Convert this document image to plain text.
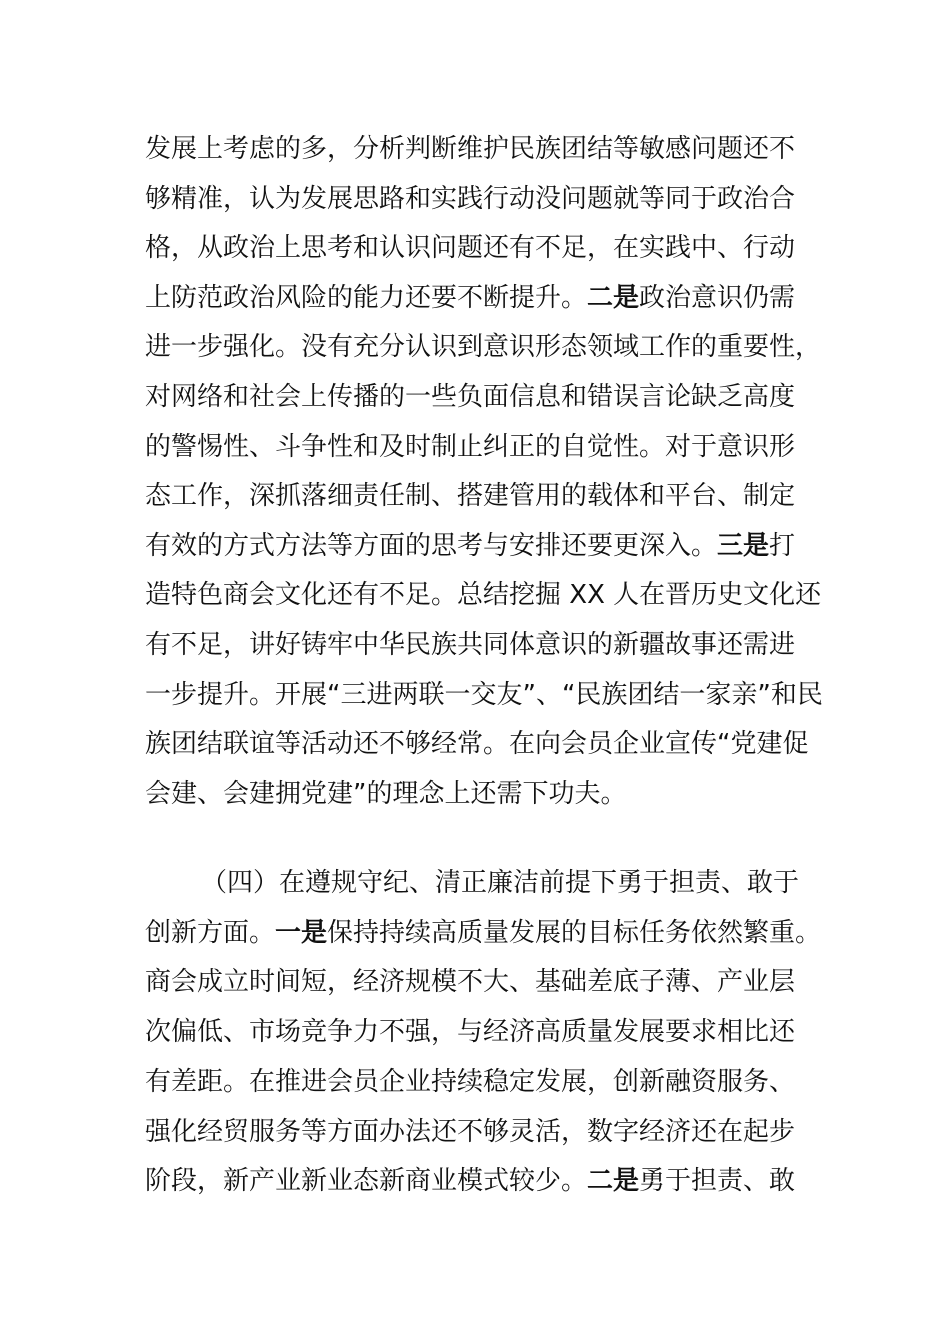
发展上考虑的多，分析判断维护民族团结等敏感问题还不
够精准，认为发展思路和实践行动没问题就等同于政治合
格，从政治上思考和认识问题还有不足，在实践中、行动
上防范政治风险的能力还要不断提升。二是政治意识仍需
进一步强化。没有充分认识到意识形态领域工作的重要性，
对网络和社会上传播的一些负面信息和错误言论缺乏高度
的警惕性、斗争性和及时制止纠正的自觉性。对于意识形
态工作，深抓落细责任制、搭建管用的载体和平台、制定
有效的方式方法等方面的思考与安排还要更深入。三是打
造特色商会文化还有不足。总结挖掘 XX 人在晋历史文化还
有不足，讲好铸牢中华民族共同体意识的新疆故事还需进
一步提升。开展“三进两联一交友”、“民族团结一家亲”和民
族团结联谊等活动还不够经常。在向会员企业宣传“党建促
会建、会建拥党建”的理念上还需下功夫。
（四）在遵规守纪、清正廉洁前提下勇于担责、敢于
创新方面。一是保持持续高质量发展的目标任务依然繁重。
商会成立时间短，经济规模不大、基础差底子薄、产业层
次偏低、市场竞争力不强，与经济高质量发展要求相比还
有差距。在推进会员企业持续稳定发展，创新融资服务、
强化经贸服务等方面办法还不够灵活，数字经济还在起步
阶段，新产业新业态新商业模式较少。二是勇于担责、敢
